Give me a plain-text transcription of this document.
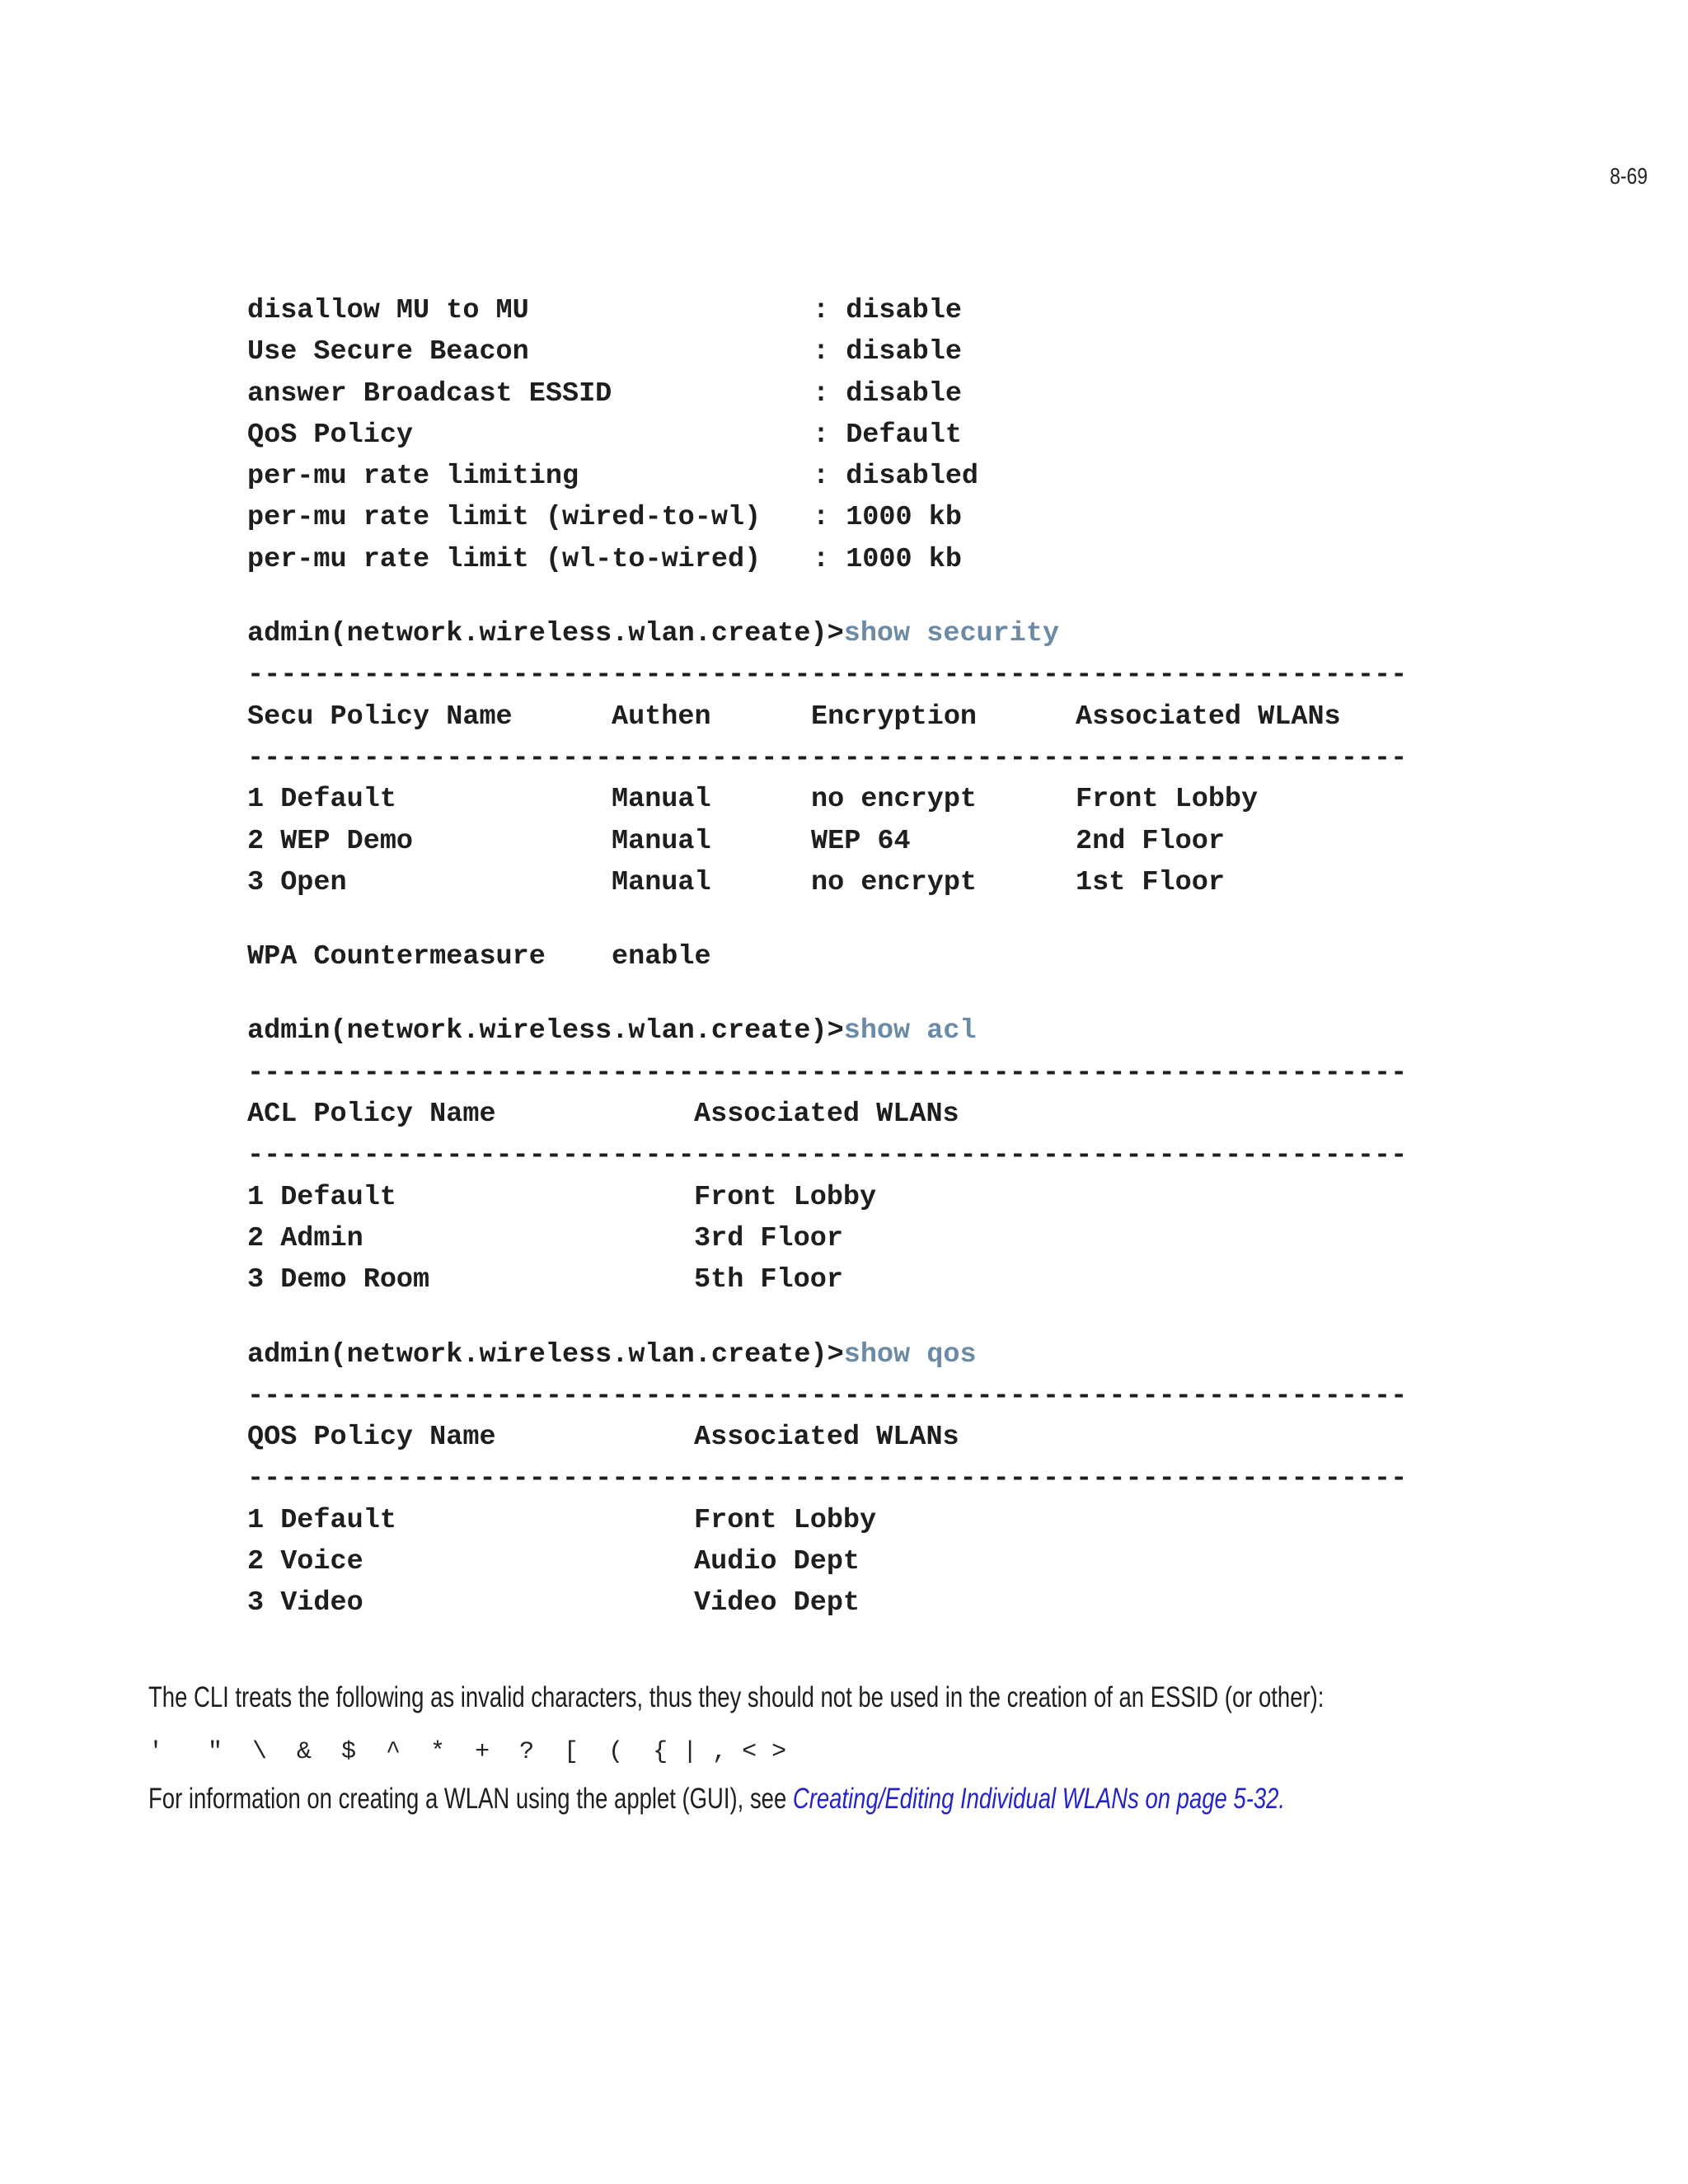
8-69
disallow MU to MU	: disable
Use Secure Beacon	: disable
answer Broadcast ESSID	: disable
QoS Policy	: Default
per-mu rate limiting	: disabled
per-mu rate limit (wired-to-wl) : 1000 kb
per-mu rate limit (wl-to-wired) : 1000 kb
admin(network.wireless.wlan.create)>show security
----------------------------------------------------------------------
Secu Policy Name	Authen	Encryption	Associated WLANs
----------------------------------------------------------------------
1 Default	Manual	no encrypt	Front Lobby
2 WEP Demo	Manual	WEP 64	2nd Floor
3 Open	Manual	no encrypt	1st Floor
WPA Countermeasure enable
admin(network.wireless.wlan.create)>show acl
----------------------------------------------------------------------
ACL Policy Name	Associated WLANs
----------------------------------------------------------------------
1 Default	Front Lobby
2 Admin	3rd Floor
3 Demo Room	5th Floor
admin(network.wireless.wlan.create)>show qos
----------------------------------------------------------------------
QOS Policy Name	Associated WLANs
----------------------------------------------------------------------
1 Default	Front Lobby
2 Voice	Audio Dept
3 Video	Video Dept
The CLI treats the following as invalid characters, thus they should not be used in the creation of an ESSID (or other):
'   "  \  &  $  ^  *  +  ?  [  (  { | , < >
For information on creating a WLAN using the applet (GUI), see Creating/Editing Individual WLANs on page 5-32.
